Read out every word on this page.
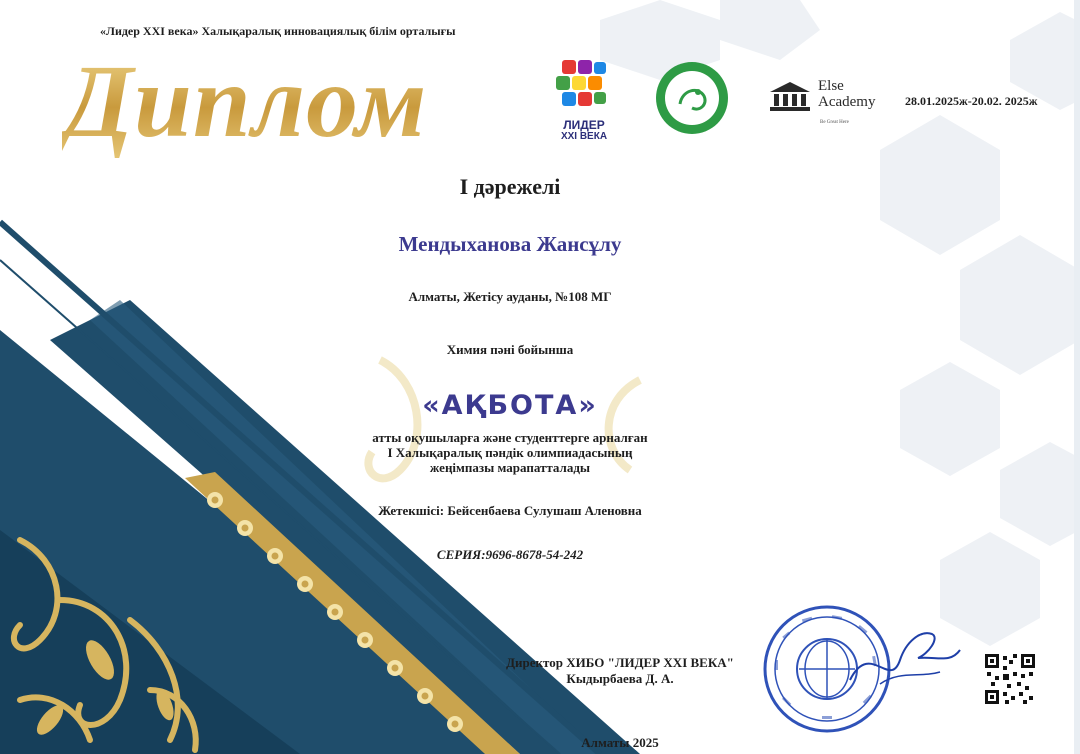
«Лидер XXI века» Халықаралық инновациялық білім орталығы
Диплом	ЛИДЕР
XXI ВЕКА
Else
Academy
Be Great Here
28.01.2025ж-20.02. 2025ж
I дәрежелі
Мендыханова Жансұлу
Алматы, Жетісу ауданы, №108 МГ
Химия пәні бойынша
«АҚБОТА»
атты оқушыларға және студенттерге арналған
I Халықаралық пәндік олимпиадасының
жеңімпазы марапатталады
Жетекшісі: Бейсенбаева Сулушаш Аленовна
СЕРИЯ:9696-8678-54-242
Директор ХИБО "ЛИДЕР XXI ВЕКА"
Кыдырбаева Д. А.
Алматы 2025
